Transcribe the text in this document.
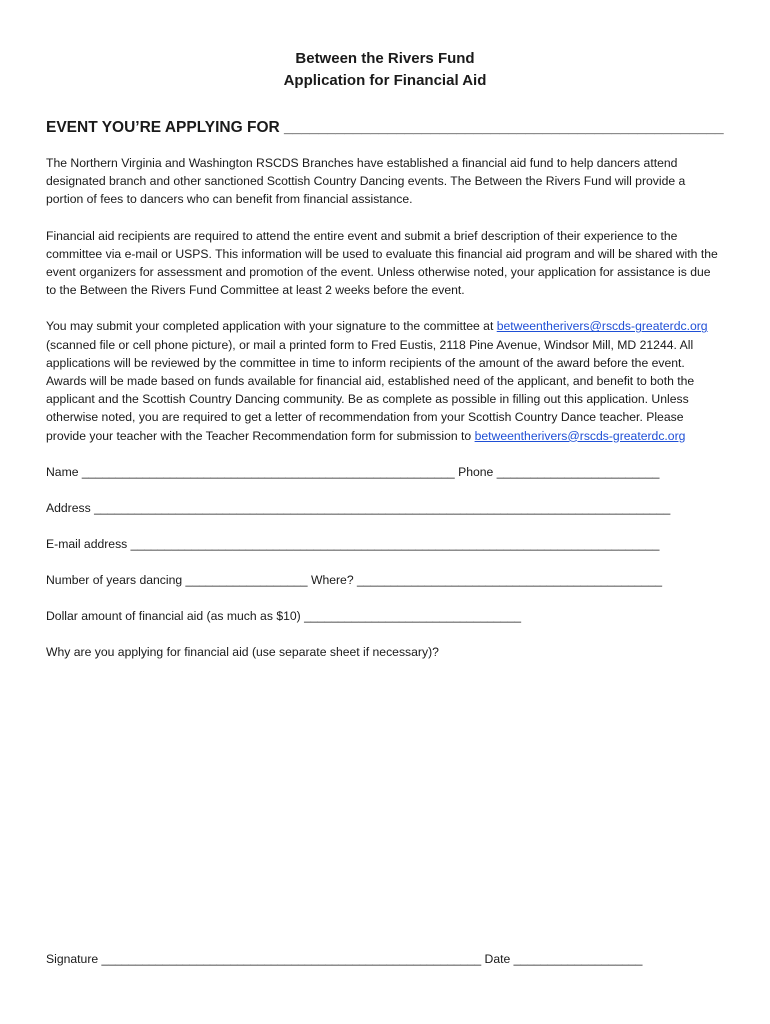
Between the Rivers Fund
Application for Financial Aid
EVENT YOU’RE APPLYING FOR ___________________________________________________

The Northern Virginia and Washington RSCDS Branches have established a financial aid fund to help dancers attend designated branch and other sanctioned Scottish Country Dancing events. The Between the Rivers Fund will provide a portion of fees to dancers who can benefit from financial assistance.

Financial aid recipients are required to attend the entire event and submit a brief description of their experience to the committee via e-mail or USPS. This information will be used to evaluate this financial aid program and will be shared with the event organizers for assessment and promotion of the event. Unless otherwise noted, your application for assistance is due to the Between the Rivers Fund Committee at least 2 weeks before the event.

You may submit your completed application with your signature to the committee at betweentherivers@rscds-greaterdc.org (scanned file or cell phone picture), or mail a printed form to Fred Eustis, 2118 Pine Avenue, Windsor Mill, MD 21244. All applications will be reviewed by the committee in time to inform recipients of the amount of the award before the event. Awards will be made based on funds available for financial aid, established need of the applicant, and benefit to both the applicant and the Scottish Country Dancing community. Be as complete as possible in filling out this application. Unless otherwise noted, you are required to get a letter of recommendation from your Scottish Country Dance teacher. Please provide your teacher with the Teacher Recommendation form for submission to betweentherivers@rscds-greaterdc.org

Name _______________________________________________________ Phone ________________________
Address _____________________________________________________________________________________
E-mail address ______________________________________________________________________________
Number of years dancing __________________ Where? _____________________________________________
Dollar amount of financial aid (as much as $10) ________________________________
Why are you applying for financial aid (use separate sheet if necessary)?
Signature ________________________________________________________ Date ___________________
